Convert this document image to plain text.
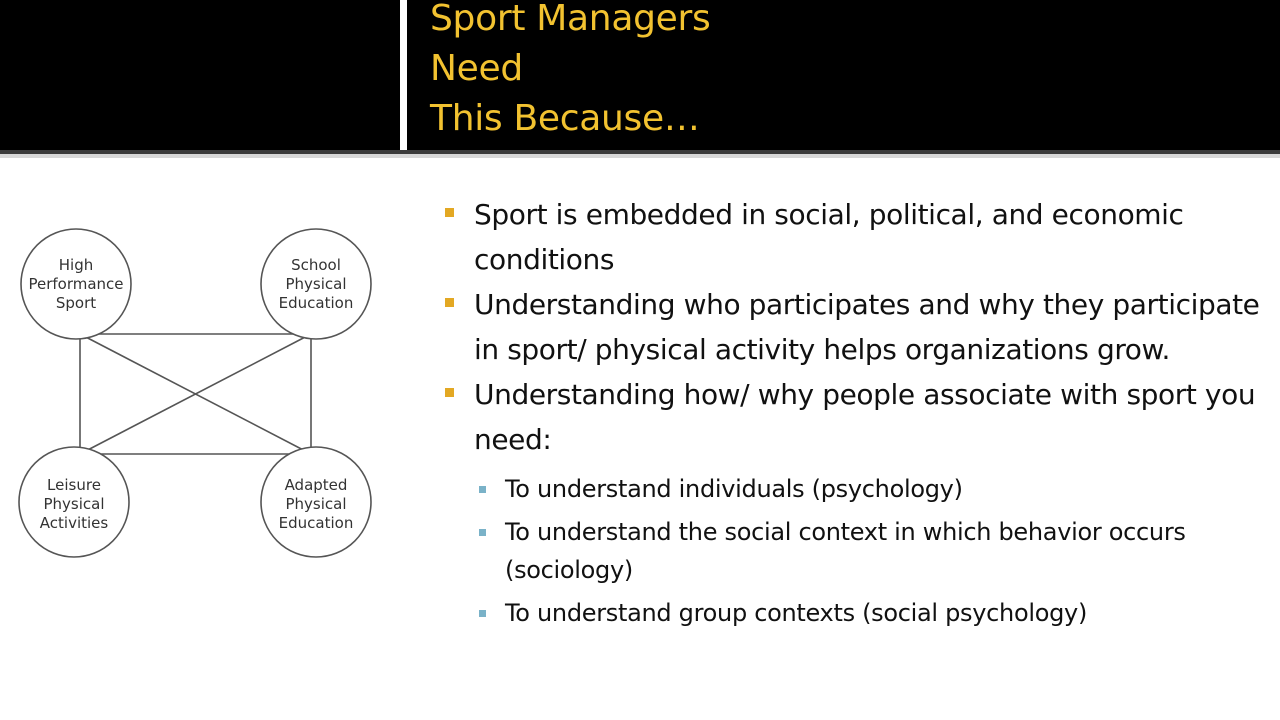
Sport Managers
Need
This Because…
High
Performance
Sport
School
Physical
Education
Leisure
Physical
Activities
Adapted
Physical
Education
Sport is embedded in social, political, and economic conditions
Understanding who participates and why they participate in sport/ physical activity helps organizations grow.
Understanding how/ why people associate with sport you need:
To understand individuals (psychology)
To understand the social context in which behavior occurs (sociology)
To understand group contexts (social psychology)
